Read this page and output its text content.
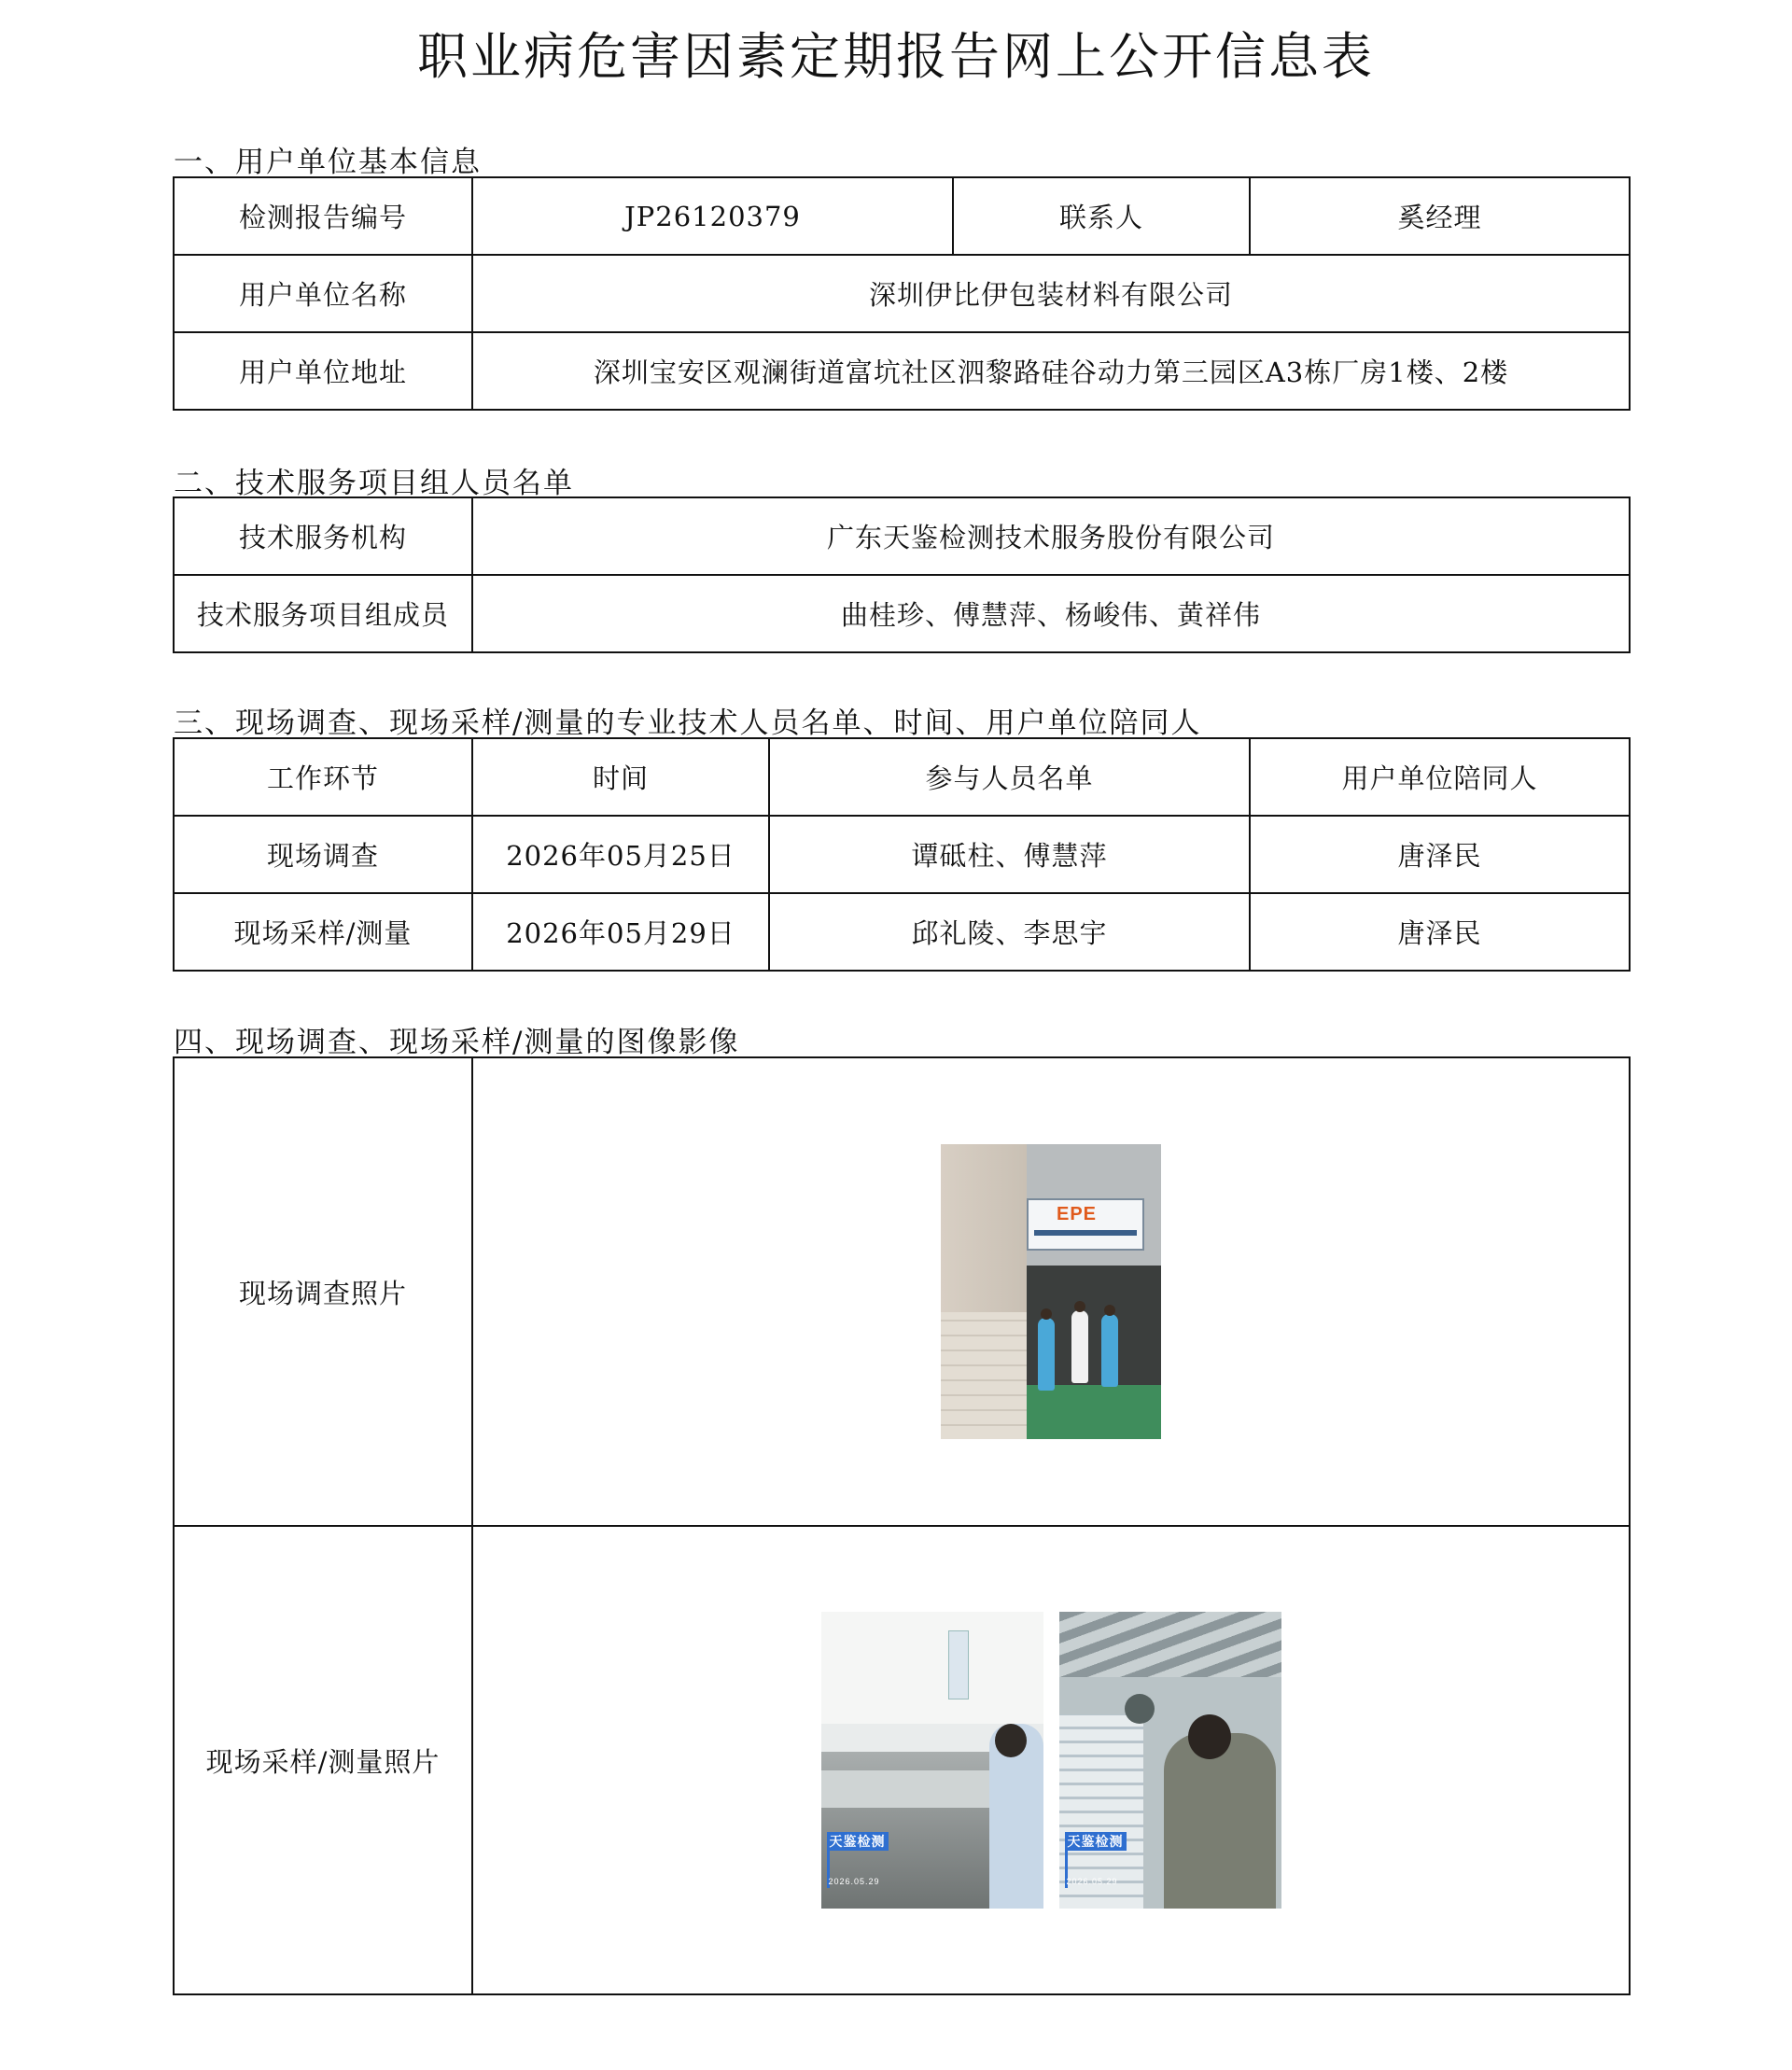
职业病危害因素定期报告网上公开信息表
一、用户单位基本信息
检测报告编号	JP26120379	联系人	奚经理
用户单位名称	深圳伊比伊包装材料有限公司		
用户单位地址	深圳宝安区观澜街道富坑社区泗黎路硅谷动力第三园区A3栋厂房1楼、2楼		
二、技术服务项目组人员名单
技术服务机构	广东天鉴检测技术服务股份有限公司
技术服务项目组成员	曲桂珍、傅慧萍、杨峻伟、黄祥伟
三、现场调查、现场采样/测量的专业技术人员名单、时间、用户单位陪同人
工作环节	时间	参与人员名单	用户单位陪同人
现场调查	2026年05月25日	谭砥柱、傅慧萍	唐泽民
现场采样/测量	2026年05月29日	邱礼陵、李思宇	唐泽民
四、现场调查、现场采样/测量的图像影像
现场调查照片	EPE

现场采样/测量照片	天鉴检测
2026.05.29
天鉴检测
2026.05.29
